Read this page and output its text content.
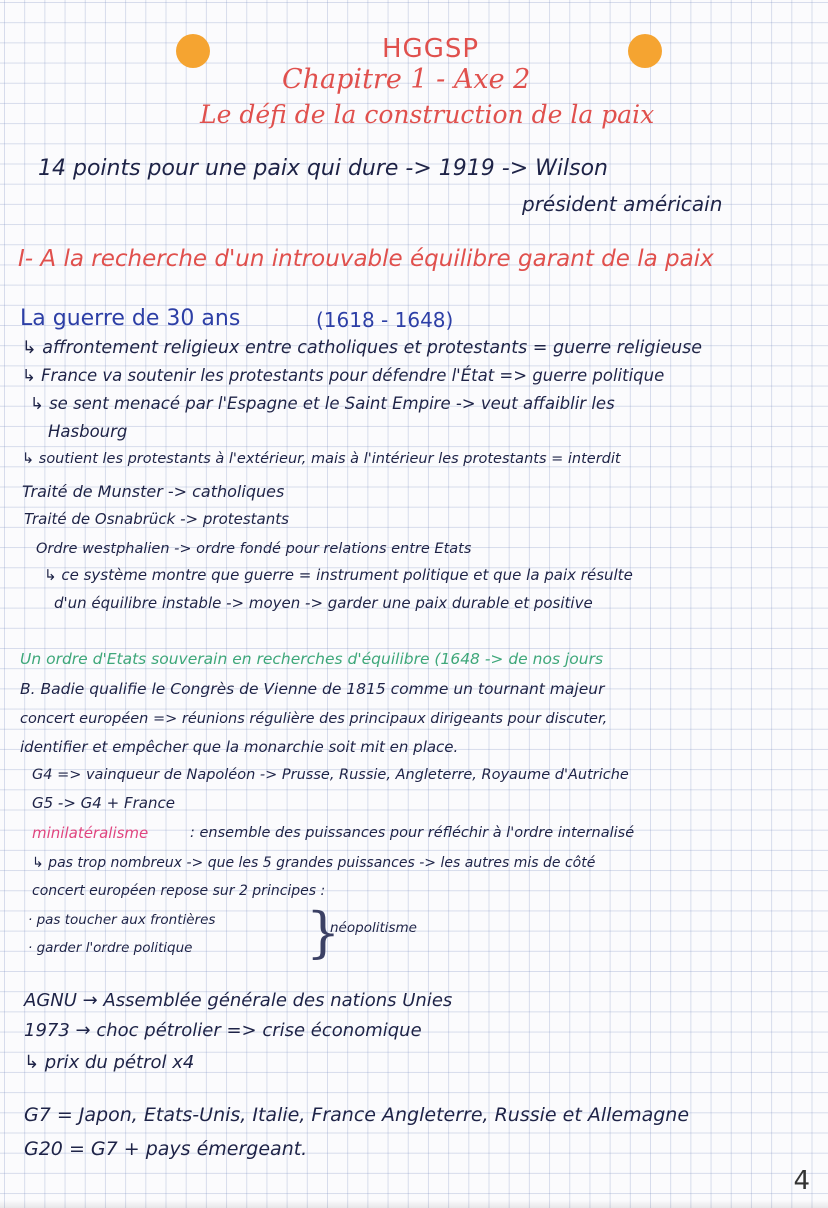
HGGSP
Chapitre 1 - Axe 2
Le défi de la construction de la paix
14 points pour une paix qui dure -> 1919 -> Wilson
président américain
I- A la recherche d'un introuvable équilibre garant de la paix
La guerre de 30 ans	(1618 - 1648)
↳ affrontement religieux entre catholiques et protestants = guerre religieuse
↳ France va soutenir les protestants pour défendre l'État => guerre politique
↳ se sent menacé par l'Espagne et le Saint Empire -> veut affaiblir les
Hasbourg
↳ soutient les protestants à l'extérieur, mais à l'intérieur les protestants = interdit
Traité de Munster -> catholiques
Traité de Osnabrück -> protestants
Ordre westphalien -> ordre fondé pour relations entre Etats
↳ ce système montre que guerre = instrument politique et que la paix résulte
d'un équilibre instable -> moyen -> garder une paix durable et positive
Un ordre d'Etats souverain en recherches d'équilibre (1648 -> de nos jours
B. Badie qualifie le Congrès de Vienne de 1815 comme un tournant majeur
concert européen => réunions régulière des principaux dirigeants pour discuter,
identifier et empêcher que la monarchie soit mit en place.
G4 => vainqueur de Napoléon -> Prusse, Russie, Angleterre, Royaume d'Autriche
G5 -> G4 + France
minilatéralisme	: ensemble des puissances pour réfléchir à l'ordre internalisé
↳ pas trop nombreux -> que les 5 grandes puissances -> les autres mis de côté
concert européen repose sur 2 principes :
· pas toucher aux frontières
· garder l'ordre politique }
néopolitisme
AGNU → Assemblée générale des nations Unies
1973 → choc pétrolier => crise économique
↳ prix du pétrol x4
G7 = Japon, Etats-Unis, Italie, France Angleterre, Russie et Allemagne
G20 = G7 + pays émergeant.
4
